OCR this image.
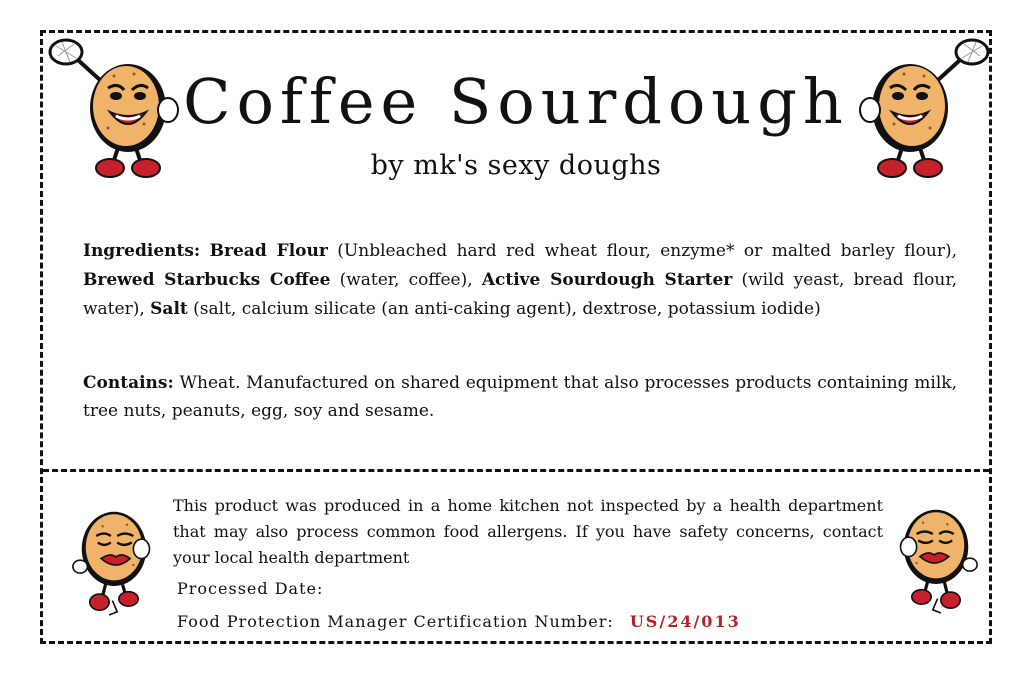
Coffee Sourdough
by mk's sexy doughs
Ingredients: Bread Flour (Unbleached hard red wheat flour, enzyme* or malted barley flour), Brewed Starbucks Coffee (water, coffee), Active Sourdough Starter (wild yeast, bread flour, water), Salt (salt, calcium silicate (an anti-caking agent), dextrose, potassium iodide)
Contains: Wheat. Manufactured on shared equipment that also processes products containing milk, tree nuts, peanuts, egg, soy and sesame.
This product was produced in a home kitchen not inspected by a health department that may also process common food allergens. If you have safety concerns, contact your local health department
Processed Date:
Food Protection Manager Certification Number: US/24/013
